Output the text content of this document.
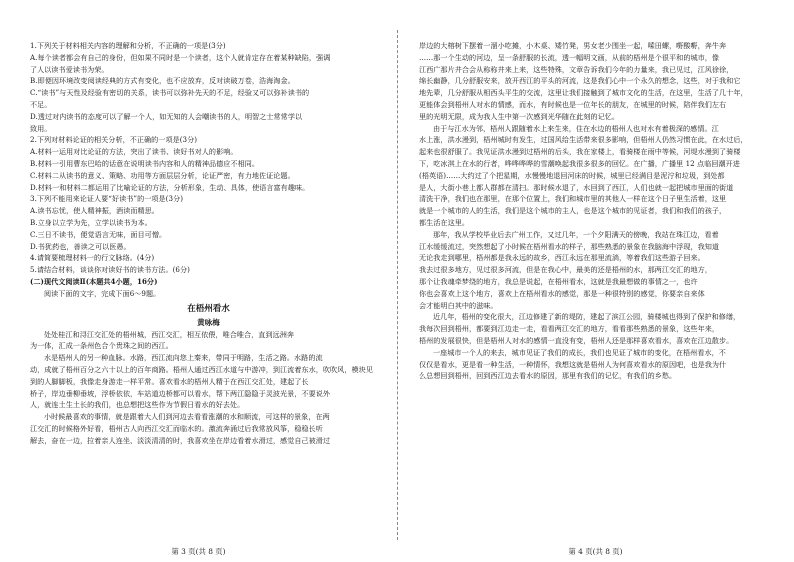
1.下列关于材料相关内容的理解和分析，不正确的一项是(3分)
A.每个读者都会有自己的身份，但如果不同时是一个读者，这个人就肯定存在着某种缺陷，强调
了人以读书爱读书为荣。
B.即便因环境改变阅读经典的方式有变化，也不应放弃，反对读破万卷，浩海淘金。
C.“读书”与天性及经验有密切的关系，读书可以弥补先天的不足，经验又可以弥补读书的
不足。
D.透过对内读书的态度可以了解一个人，如无知的人会嘲读书的人，明智之士常常学以
致用。
2.下列对材料论证的相关分析，不正确的一项是(3分)
A.材料一运用对比论证的方法，突出了读书、读好书对人的影响。
B.材料一引用曹东巴哈的话意在说明读书内容和人的精神品德应不相同。
C.材料二从读书的意义、策略、功用等方面层层分析，论证严密，有力地佐证论题。
D.材料一和材料二都运用了比喻论证的方法，分析形象，生动、具体，使语言富有趣味。
3.下列不能用来论证人要“好读书”的一项是(3分)
A.读书忘忧，使人精神振，酒读而精思。
B.立身以立学为先，立学以读书为本。
C.三日不读书，便觉语言无味，面目可憎。
D.书犹药也，善读之可以医愚。
4.请简要梳理材料一的行文脉络。(4分)
5.请结合材料，谈谈你对读好书的读书方法。(6分)
(二)现代文阅读Ⅱ(本题共4小题，16分)
阅读下面的文字，完成下面6～9题。
在梧州看水
黄咏梅
处处桂江和浔江交汇处的梧州城，西江交汇，相互依偎，唯合唯合，直到远洲奔
为一体，汇成一条州色合个贵珠之间的西江。
水是梧州人的另一种血脉。水路，西江流向您上秦来，带同于明路，生活之路。水路的流
动，成就了梧州百分之六十以上的百年商路。梧州人通过西江水道与中游冲，到江流着东水，吹吹风，模块见
到的人脚脚板，我像走身游走一样平常。喜欢看水的梧州人精于在西江交汇处，建起了长
桥子，岸边垂柳垂坡，浮桥依依，车站道边桥都可以看水，帮下两江隐隐于灵波光景，不要说外
人，就连土生土长的我们，也总想把这些作为节假日看水的好去处。
小时候最喜欢的事情，就是跟着大人们到河边去看看涨潮的水和顺流，可这样的景象，在两
江交汇的时候格外好看，梧州古人向西江交汇而临水的。激流奔涌过后我常放风筝，稳稳长听
解去，奋在一边，拉着亲人连坐、淡淡清清的时，我喜欢坐在岸边看着水滑过，感觉自己被滑过
岸边的大榕树下摆着一溜小吃摊，小木桌、矮竹凳，男女老少围坐一起，嗦田螺，嘢酸嘢，奔牛奔
……那一个生动的河边，呈一条舒服的长流，透一幅明文画，从前的梧州是个很平和的城市，像
江西广那片井合会从称称井来上来，这些特殊，文章告诉我们今年的力量来，我已见过，江风徐徐，
绵长幽静，几分舒服安来，放开西江的平头的河流，这是我们心中一个永久的想念，这些，对于我和它
地先辈，几分舒服从相西头平生的交流，这里让我们接触到了城市文化的生活，在这里，生活了几十年，
更能体会到梧州人对水的情感，而水，有时候也是一位年长的朋友，在城里的时候，陪伴我们左右
里的光明无限，成为我人生中第一次感到光华随在此刻的记忆。
由于与江水为邻，梧州人跟随着水上来生来，住在水边的梧州人也对水有着极深的感情。江
水上涨，洪水漫到，梧州城时有发生，过国风给生活带来很多影响，但梧州人仍然习惯在此，在水过后，
起来也很舒服了。我见证洪水漫到过梧州的后头，我在家楼上，看骑楼在雨中等候，河堤水漫到了骑楼
下，吃冰淇上在水的行者，哗哗哗哗的雪潮唤起我很多很多的回忆。在广播，广播里 12 点临回潮开进
(梧英语)……大约过了个把星期，水慢慢地退回河床的时候，城里已经满目是泥泞和垃圾，到处都
是人，大街小巷上都人群都在清扫。那时候水退了，水回到了西江，人们也就一起把城市里面的街道
清洗干净，我们也在那里，在那个位置上，我们和城市里的其他人一样在这个日子里生活着，这里
就是一个城市的人的生活，我们是这个城市的主人，也是这个城市的见证者，我们和我们的孩子，
都生活在这里。
那年，我从学校毕业后去广州工作，又过几年，一个夕阳满天的傍晚，我站在珠江边，看着
江水缓缓流过，突然想起了小时候在梧州看水的样子，那些熟悉的景象在我脑海中浮现，我知道
无论我走到哪里，梧州都是我永远的故乡，西江永远在那里流淌，等着我们这些游子回来。
我去过很多地方，见过很多河流，但是在我心中，最美的还是梧州的水，那两江交汇的地方，
那个让我魂牵梦绕的地方，我总是说起，在梧州看水，这就是我最想做的事情之一，也许
你也会喜欢上这个地方，喜欢上在梧州看水的感觉，那是一种很特别的感觉，你要亲自来体
会才能明白其中的滋味。
近几年，梧州的变化很大，江边修建了新的堤防，建起了滨江公园，骑楼城也得到了保护和修缮，
我每次回到梧州，都要到江边走一走，看看两江交汇的地方，看看那些熟悉的景象，这些年来，
梧州的发展很快，但是梧州人对水的感情一直没有变，梧州人还是那样喜欢看水，喜欢在江边散步。
一座城市一个人的来去，城市见证了我们的成长，我们也见证了城市的变化，在梧州看水，不
仅仅是看水，更是看一种生活，一种情怀，我想这就是梧州人为何喜欢看水的原因吧，也是我为什
么总想回到梧州，回到西江边去看水的原因，那里有我们的记忆，有我们的乡愁。
第 3 页(共 8 页)	第 4 页(共 8 页)
